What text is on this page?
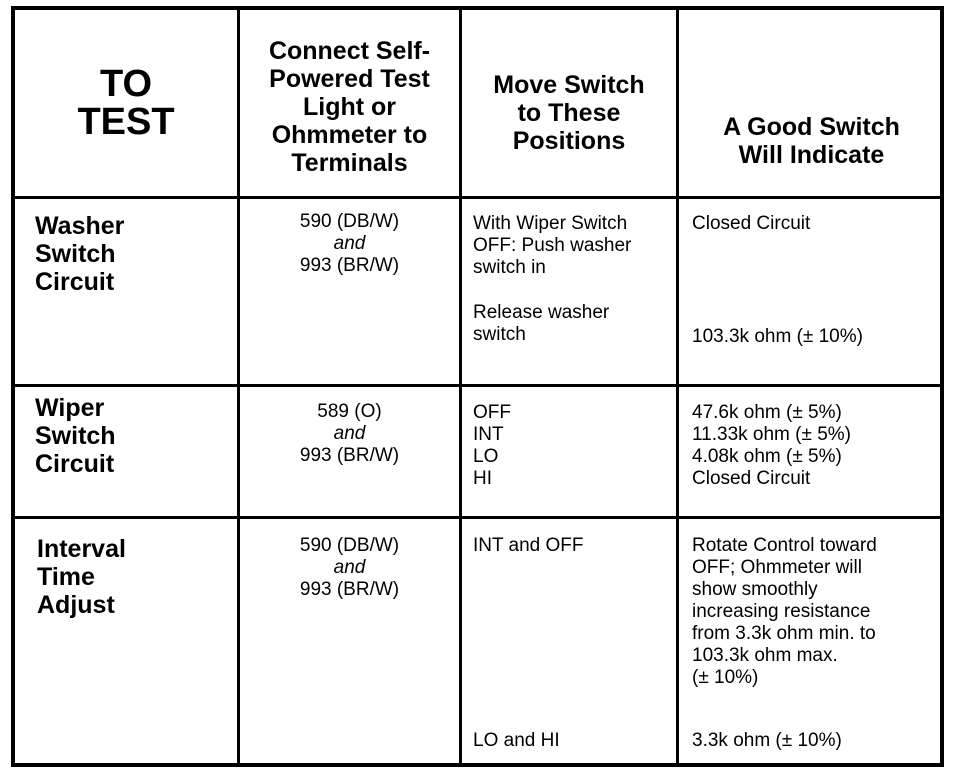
TO
TEST
Connect Self-
Powered Test
Light or
Ohmmeter to
Terminals
Move Switch
to These
Positions	A Good Switch
Will Indicate
Washer
Switch
Circuit
590 (DB/W)
and
993 (BR/W)
With Wiper Switch
OFF: Push washer
switch in
Release washer
switch
Closed Circuit
103.3k ohm (± 10%)
Wiper
Switch
Circuit
589 (O)
and
993 (BR/W)
OFF
INT
LO
HI
47.6k ohm (± 5%)
11.33k ohm (± 5%)
4.08k ohm (± 5%)
Closed Circuit
Interval
Time
Adjust
590 (DB/W)
and
993 (BR/W)
INT and OFF
LO and HI
Rotate Control toward
OFF; Ohmmeter will
show smoothly
increasing resistance
from 3.3k ohm min. to
103.3k ohm max.
(± 10%)
3.3k ohm (± 10%)
